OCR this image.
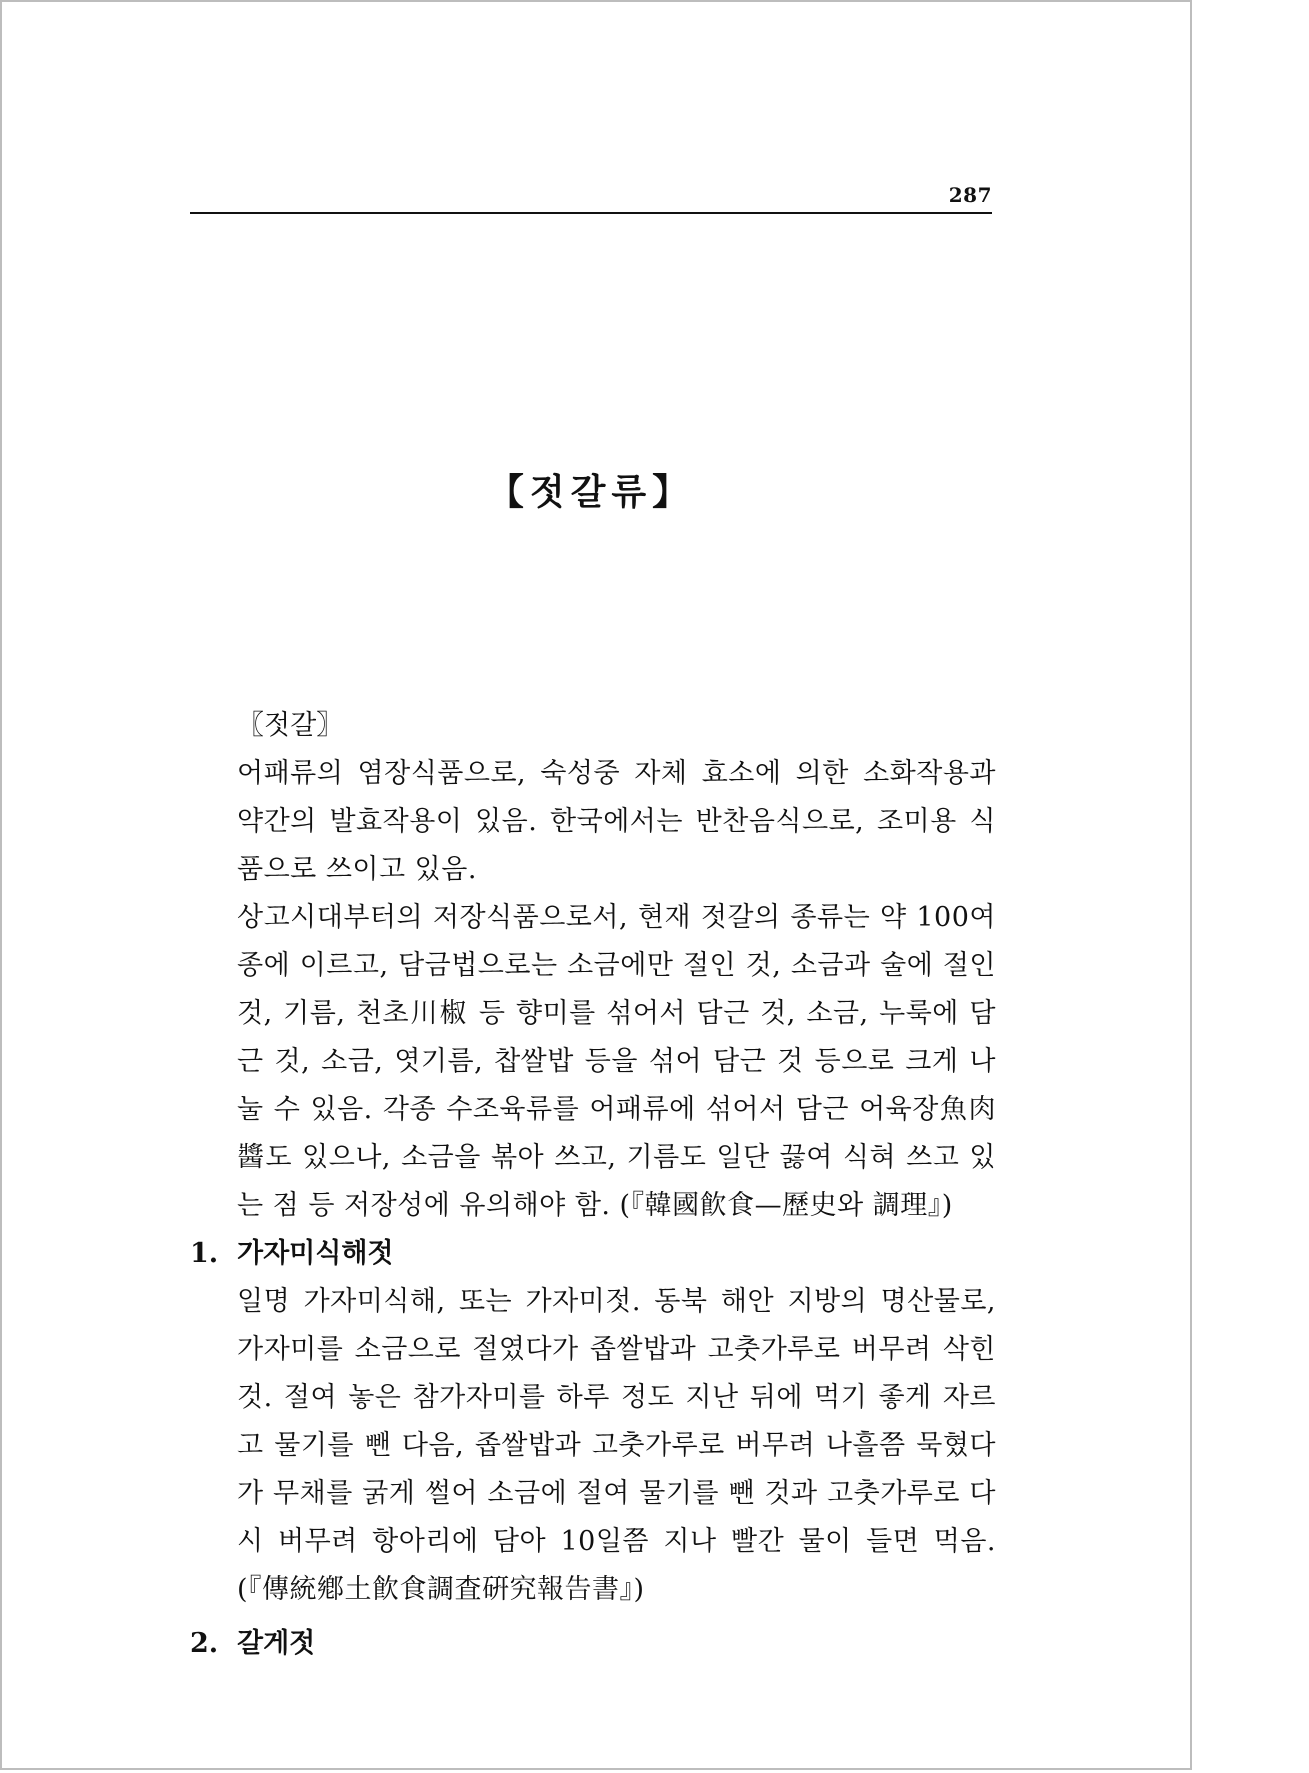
287
【젓갈류】
〖젓갈〗

어패류의 염장식품으로, 숙성중 자체 효소에 의한 소화작용과 약간의 발효작용이 있음. 한국에서는 반찬음식으로, 조미용 식품으로 쓰이고 있음.

상고시대부터의 저장식품으로서, 현재 젓갈의 종류는 약 100여종에 이르고, 담금법으로는 소금에만 절인 것, 소금과 술에 절인 것, 기름, 천초川椒 등 향미를 섞어서 담근 것, 소금, 누룩에 담근 것, 소금, 엿기름, 찹쌀밥 등을 섞어 담근 것 등으로 크게 나눌 수 있음. 각종 수조육류를 어패류에 섞어서 담근 어육장魚肉醬도 있으나, 소금을 볶아 쓰고, 기름도 일단 끓여 식혀 쓰고 있는 점 등 저장성에 유의해야 함. (『韓國飮食—歷史와 調理』)

1. 가자미식해젓

일명 가자미식해, 또는 가자미젓. 동북 해안 지방의 명산물로, 가자미를 소금으로 절였다가 좁쌀밥과 고춧가루로 버무려 삭힌 것. 절여 놓은 참가자미를 하루 정도 지난 뒤에 먹기 좋게 자르고 물기를 뺀 다음, 좁쌀밥과 고춧가루로 버무려 나흘쯤 묵혔다가 무채를 굵게 썰어 소금에 절여 물기를 뺀 것과 고춧가루로 다시 버무려 항아리에 담아 10일쯤 지나 빨간 물이 들면 먹음. (『傳統鄕土飮食調査硏究報告書』)

2. 갈게젓
